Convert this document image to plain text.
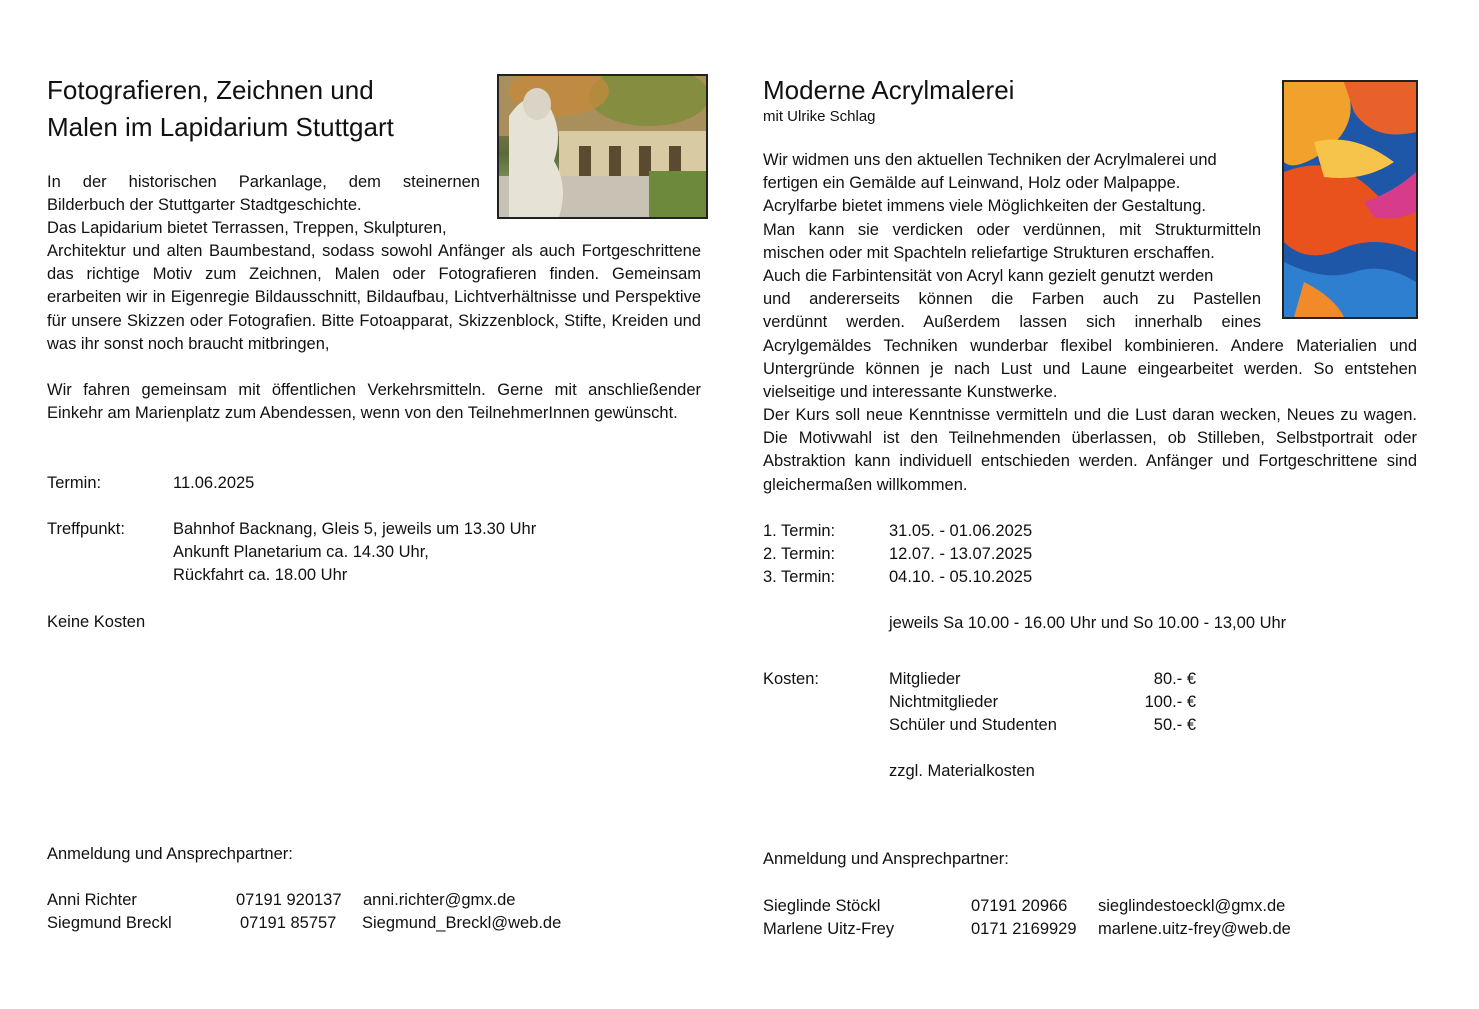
Fotografieren, Zeichnen und
Malen im Lapidarium Stuttgart

In der historischen Parkanlage, dem steinernen
Bilderbuch der Stuttgarter Stadtgeschichte.
Das Lapidarium bietet Terrassen, Treppen, Skulpturen,

Architektur und alten Baumbestand, sodass sowohl Anfänger als auch Fortgeschrittene das richtige Motiv zum Zeichnen, Malen oder Fotografieren finden. Gemeinsam erarbeiten wir in Eigenregie Bildausschnitt, Bildaufbau, Lichtverhältnisse und Perspektive für unsere Skizzen oder Fotografien. Bitte Fotoapparat, Skizzenblock, Stifte, Kreiden und was ihr sonst noch braucht mitbringen,

Wir fahren gemeinsam mit öffentlichen Verkehrsmitteln. Gerne mit anschließender Einkehr am Marienplatz zum Abendessen, wenn von den TeilnehmerInnen gewünscht.

Termin:	11.06.2025
Treffpunkt:	Bahnhof Backnang, Gleis 5, jeweils um 13.30 Uhr
Ankunft Planetarium ca. 14.30 Uhr,
Rückfahrt ca. 18.00 Uhr
Keine Kosten
Anmeldung und Ansprechpartner:
Anni Richter	07191 920137 anni.richter@gmx.de
Siegmund Breckl	07191 85757 Siegmund_Breckl@web.de
Moderne Acrylmalerei
mit Ulrike Schlag

Wir widmen uns den aktuellen Techniken der Acrylmalerei und
fertigen ein Gemälde auf Leinwand, Holz oder Malpappe.
Acrylfarbe bietet immens viele Möglichkeiten der Gestaltung.
Man kann sie verdicken oder verdünnen, mit Strukturmitteln
mischen oder mit Spachteln reliefartige Strukturen erschaffen.
Auch die Farbintensität von Acryl kann gezielt genutzt werden
und andererseits können die Farben auch zu Pastellen
verdünnt werden. Außerdem lassen sich innerhalb eines

Acrylgemäldes Techniken wunderbar flexibel kombinieren. Andere Materialien und Untergründe können je nach Lust und Laune eingearbeitet werden. So entstehen vielseitige und interessante Kunstwerke.

Der Kurs soll neue Kenntnisse vermitteln und die Lust daran wecken, Neues zu wagen. Die Motivwahl ist den Teilnehmenden überlassen, ob Stilleben, Selbstportrait oder Abstraktion kann individuell entschieden werden. Anfänger und Fortgeschrittene sind gleichermaßen willkommen.

1. Termin:	31.05. - 01.06.2025
2. Termin:	12.07. - 13.07.2025
3. Termin:	04.10. - 05.10.2025
jeweils Sa 10.00 - 16.00 Uhr und So 10.00 - 13,00 Uhr
Kosten:	Mitglieder	80.- €
Nichtmitglieder	100.- €
Schüler und Studenten	50.- €
zzgl. Materialkosten
Anmeldung und Ansprechpartner:
Sieglinde Stöckl	07191 20966 sieglindestoeckl@gmx.de
Marlene Uitz-Frey	0171 2169929 marlene.uitz-frey@web.de
